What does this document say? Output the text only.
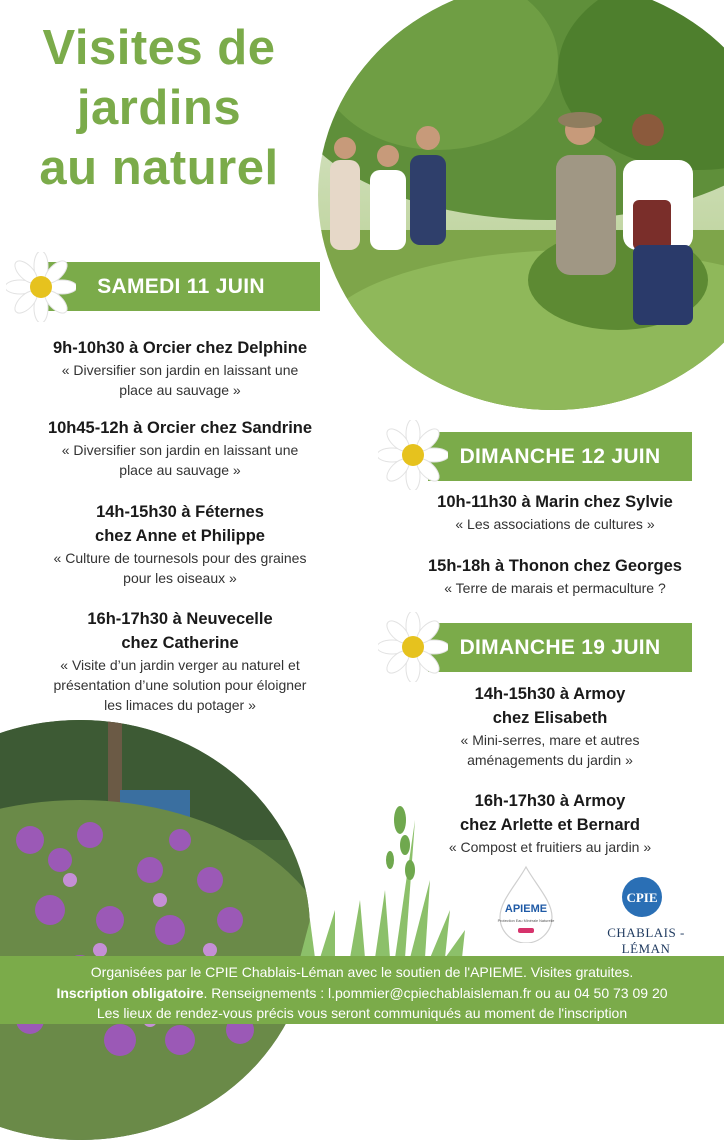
Visites de
jardins
au naturel
SAMEDI 11 JUIN
9h-10h30 à Orcier chez Delphine
« Diversifier son jardin en laissant une
place au sauvage »
10h45-12h à Orcier chez Sandrine
« Diversifier son jardin en laissant une
place au sauvage »
14h-15h30 à Féternes
chez Anne et Philippe
« Culture de tournesols pour des graines
pour les oiseaux »
16h-17h30 à Neuvecelle
chez Catherine
« Visite d’un jardin verger au naturel et
présentation d’une solution pour éloigner
les limaces du potager »
DIMANCHE 12 JUIN
10h-11h30 à Marin chez Sylvie
« Les associations de cultures »
15h-18h à Thonon chez Georges
« Terre de marais et permaculture ?
DIMANCHE 19 JUIN
14h-15h30 à Armoy
chez Elisabeth
« Mini-serres, mare et autres
aménagements du jardin »
16h-17h30 à Armoy
chez Arlette et Bernard
« Compost et fruitiers au jardin »
APIEME
Protection Eau Minérale Naturelle
CPIE
CHABLAIS - LÉMAN
Organisées par le CPIE Chablais-Léman avec le soutien de l'APIEME. Visites gratuites.
Inscription obligatoire. Renseignements : l.pommier@cpiechablaisleman.fr ou au 04 50 73 09 20
Les lieux de rendez-vous précis vous seront communiqués au moment de l'inscription
